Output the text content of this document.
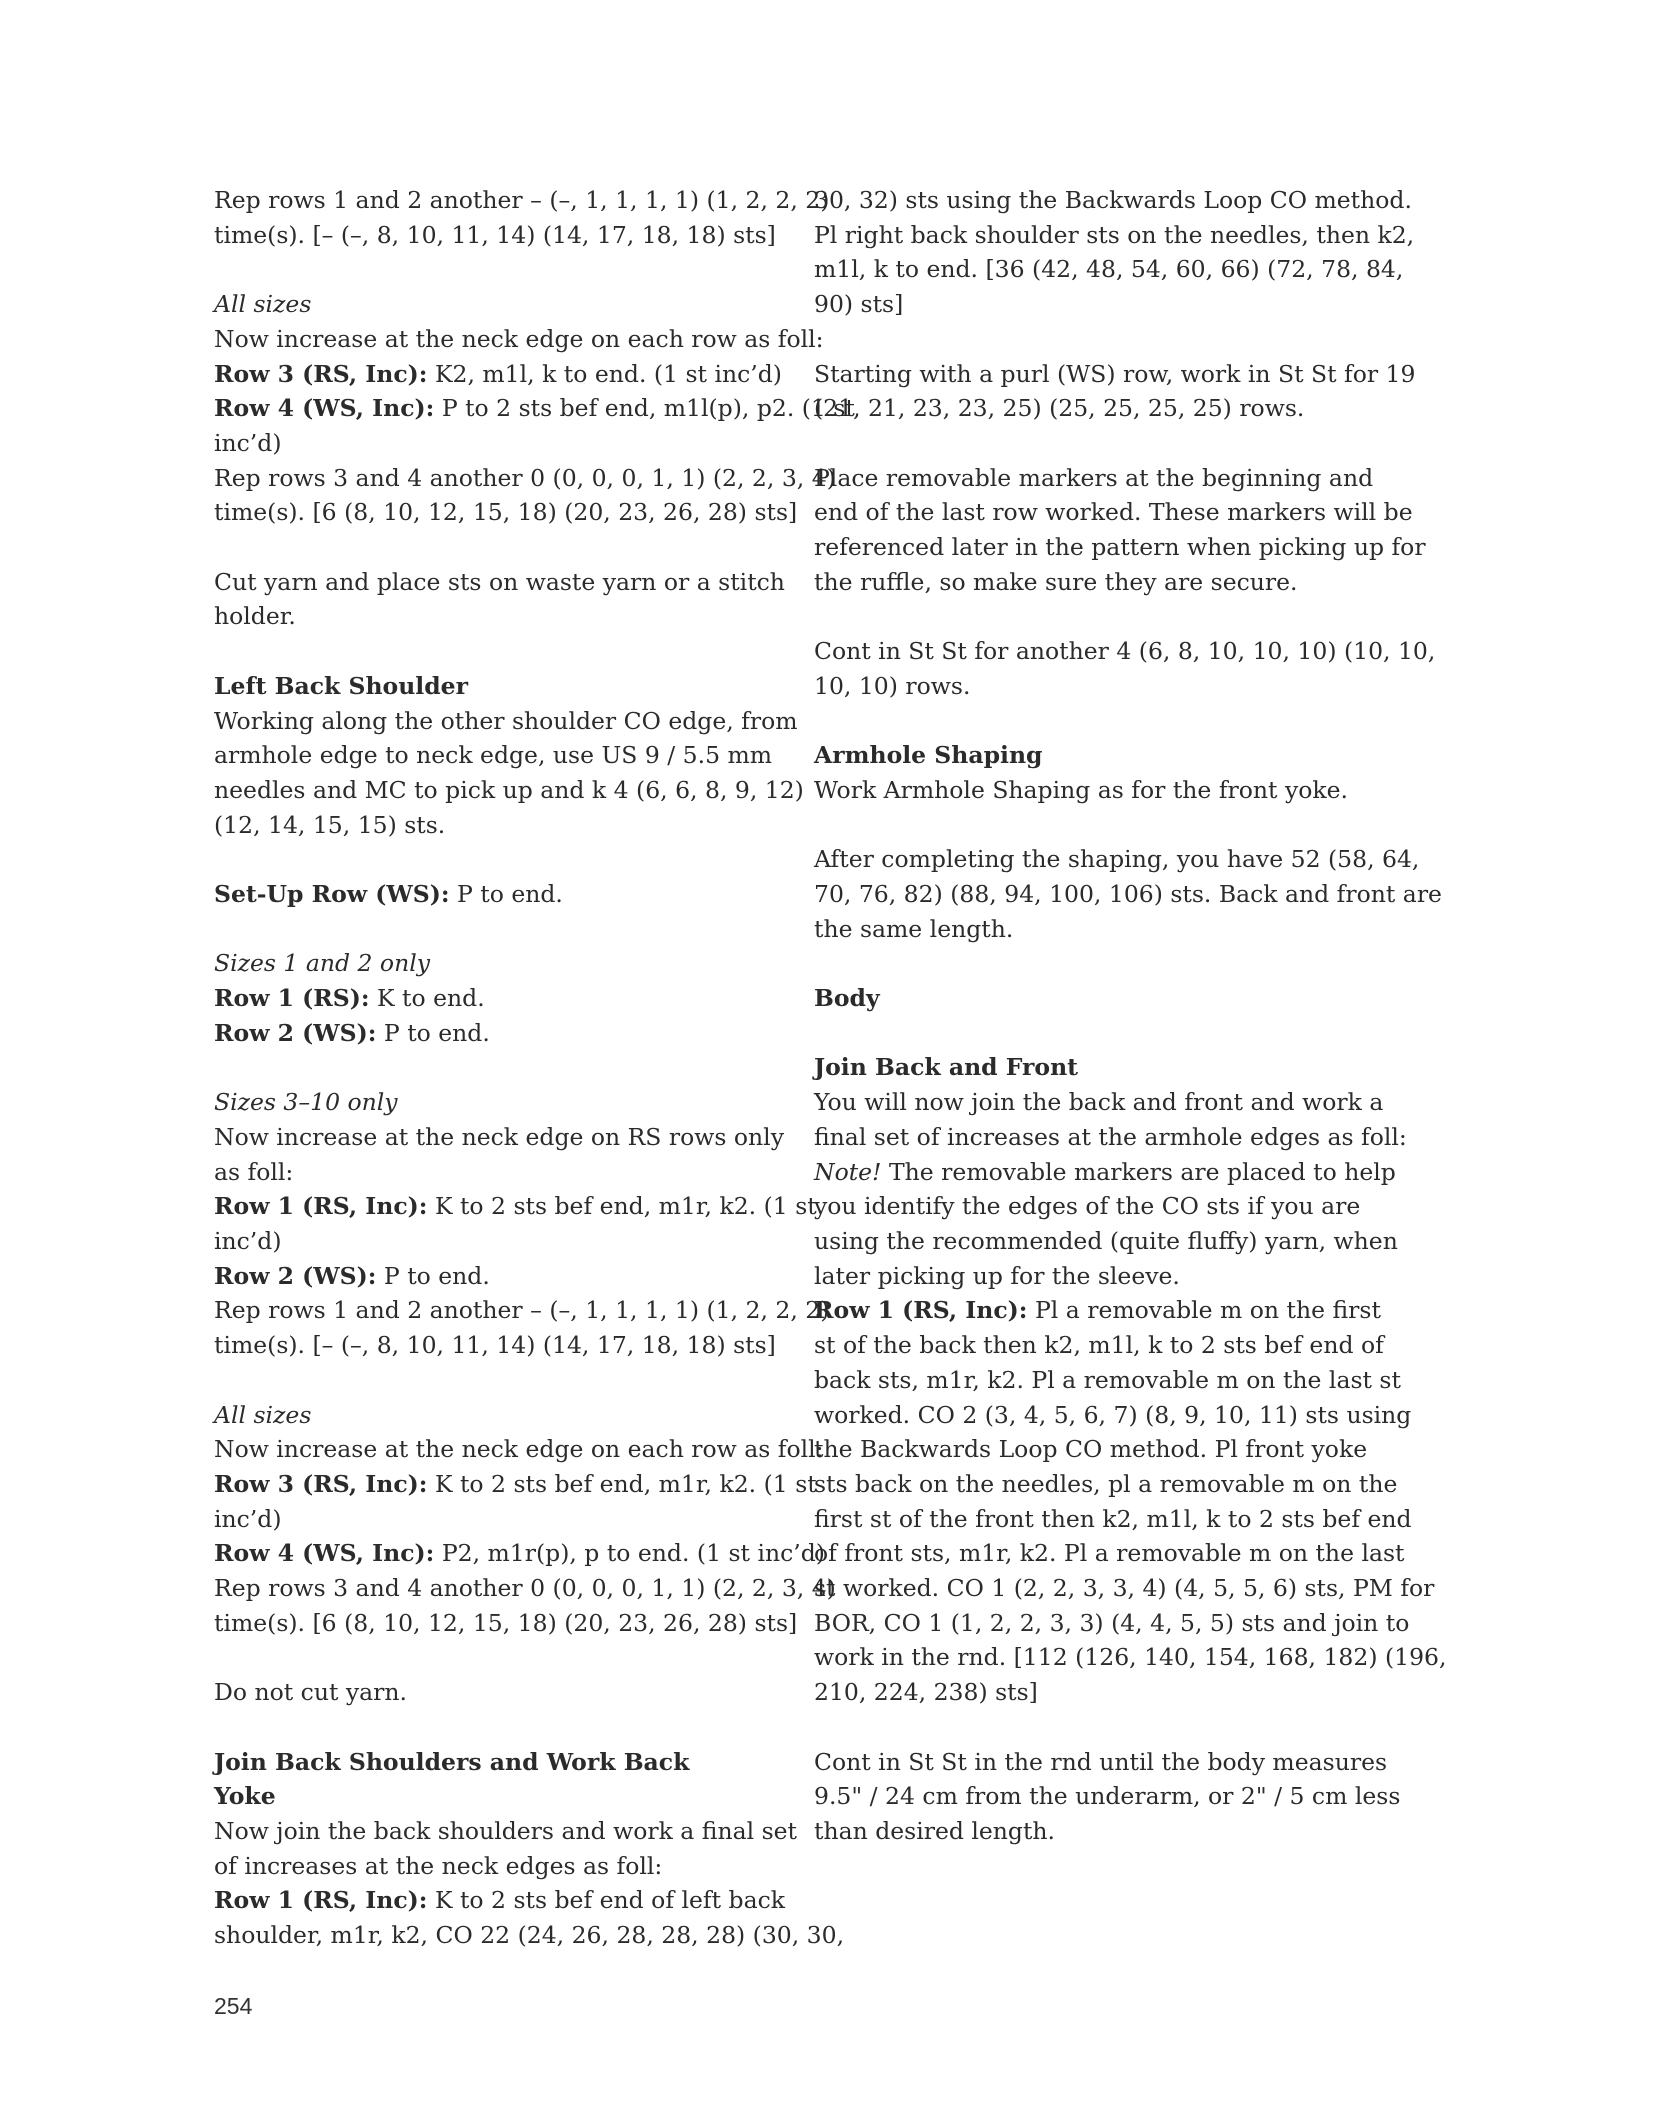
Rep rows 1 and 2 another – (–, 1, 1, 1, 1) (1, 2, 2, 2)
time(s). [– (–, 8, 10, 11, 14) (14, 17, 18, 18) sts]
All sizes
Now increase at the neck edge on each row as foll:
Row 3 (RS, Inc): K2, m1l, k to end. (1 st inc’d)
Row 4 (WS, Inc): P to 2 sts bef end, m1l(p), p2. (1 st
inc’d)
Rep rows 3 and 4 another 0 (0, 0, 0, 1, 1) (2, 2, 3, 4)
time(s). [6 (8, 10, 12, 15, 18) (20, 23, 26, 28) sts]
Cut yarn and place sts on waste yarn or a stitch
holder.
Left Back Shoulder
Working along the other shoulder CO edge, from
armhole edge to neck edge, use US 9 / 5.5 mm
needles and MC to pick up and k 4 (6, 6, 8, 9, 12)
(12, 14, 15, 15) sts.
Set-Up Row (WS): P to end.
Sizes 1 and 2 only
Row 1 (RS): K to end.
Row 2 (WS): P to end.
Sizes 3–10 only
Now increase at the neck edge on RS rows only
as foll:
Row 1 (RS, Inc): K to 2 sts bef end, m1r, k2. (1 st
inc’d)
Row 2 (WS): P to end.
Rep rows 1 and 2 another – (–, 1, 1, 1, 1) (1, 2, 2, 2)
time(s). [– (–, 8, 10, 11, 14) (14, 17, 18, 18) sts]
All sizes
Now increase at the neck edge on each row as foll:
Row 3 (RS, Inc): K to 2 sts bef end, m1r, k2. (1 st
inc’d)
Row 4 (WS, Inc): P2, m1r(p), p to end. (1 st inc’d)
Rep rows 3 and 4 another 0 (0, 0, 0, 1, 1) (2, 2, 3, 4)
time(s). [6 (8, 10, 12, 15, 18) (20, 23, 26, 28) sts]
Do not cut yarn.
Join Back Shoulders and Work Back Yoke
Now join the back shoulders and work a final set
of increases at the neck edges as foll:
Row 1 (RS, Inc): K to 2 sts bef end of left back
shoulder, m1r, k2, CO 22 (24, 26, 28, 28, 28) (30, 30,
30, 32) sts using the Backwards Loop CO method.
Pl right back shoulder sts on the needles, then k2,
m1l, k to end. [36 (42, 48, 54, 60, 66) (72, 78, 84,
90) sts]
Starting with a purl (WS) row, work in St St for 19
(21, 21, 23, 23, 25) (25, 25, 25, 25) rows.
Place removable markers at the beginning and
end of the last row worked. These markers will be
referenced later in the pattern when picking up for
the ruffle, so make sure they are secure.
Cont in St St for another 4 (6, 8, 10, 10, 10) (10, 10,
10, 10) rows.
Armhole Shaping
Work Armhole Shaping as for the front yoke.
After completing the shaping, you have 52 (58, 64,
70, 76, 82) (88, 94, 100, 106) sts. Back and front are
the same length.
Body
Join Back and Front
You will now join the back and front and work a
final set of increases at the armhole edges as foll:
Note! The removable markers are placed to help
you identify the edges of the CO sts if you are
using the recommended (quite fluffy) yarn, when
later picking up for the sleeve.
Row 1 (RS, Inc): Pl a removable m on the first
st of the back then k2, m1l, k to 2 sts bef end of
back sts, m1r, k2. Pl a removable m on the last st
worked. CO 2 (3, 4, 5, 6, 7) (8, 9, 10, 11) sts using
the Backwards Loop CO method. Pl front yoke
sts back on the needles, pl a removable m on the
first st of the front then k2, m1l, k to 2 sts bef end
of front sts, m1r, k2. Pl a removable m on the last
st worked. CO 1 (2, 2, 3, 3, 4) (4, 5, 5, 6) sts, PM for
BOR, CO 1 (1, 2, 2, 3, 3) (4, 4, 5, 5) sts and join to
work in the rnd. [112 (126, 140, 154, 168, 182) (196,
210, 224, 238) sts]
Cont in St St in the rnd until the body measures
9.5" / 24 cm from the underarm, or 2" / 5 cm less
than desired length.
254
